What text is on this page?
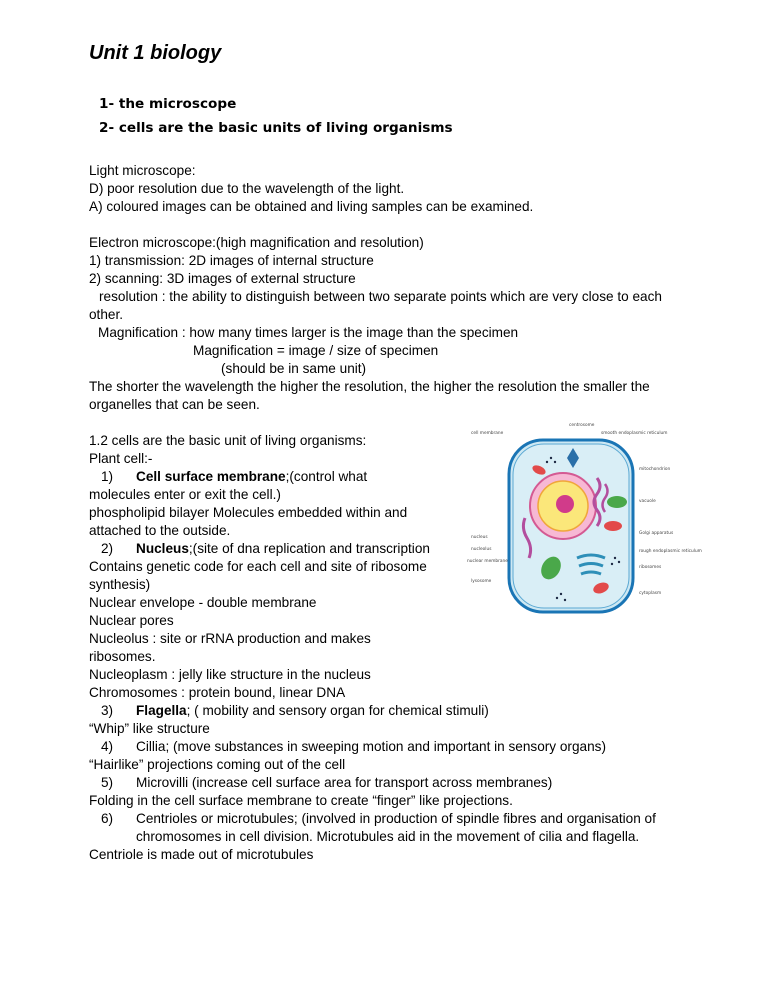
Unit 1 biology
1- the microscope
2- cells are the basic units of living organisms
Light microscope:
D) poor resolution due to the wavelength of the light.
A) coloured images can be obtained and living samples can be examined.
Electron microscope:(high magnification and resolution)
1) transmission: 2D images of internal structure
2) scanning: 3D images of external structure
resolution : the ability to distinguish between two separate points which are very close to each
other.
Magnification : how many times larger is the image than the specimen
Magnification = image / size of specimen
(should be in same unit)
The shorter the wavelength the higher the resolution, the higher the resolution the smaller the
organelles that can be seen.
1.2 cells are the basic unit of living organisms:
Plant cell:-
1) Cell surface membrane;(control what
molecules enter or exit the cell.)
phospholipid bilayer Molecules embedded within and
attached to the outside.
2) Nucleus;(site of dna replication and transcription
Contains genetic code for each cell and site of ribosome
synthesis)
Nuclear envelope - double membrane
Nuclear pores
Nucleolus : site or rRNA production and makes
ribosomes.
Nucleoplasm : jelly like structure in the nucleus
Chromosomes : protein bound, linear DNA
3) Flagella; ( mobility and sensory organ for chemical stimuli)
“Whip” like structure
4) Cillia; (move substances in sweeping motion and important in sensory organs)
“Hairlike” projections coming out of the cell
5) Microvilli (increase cell surface area for transport across membranes)
Folding in the cell surface membrane to create “finger” like projections.
6) Centrioles or microtubules; (involved in production of spindle fibres and organisation of
chromosomes in cell division. Microtubules aid in the movement of cilia and flagella.
Centriole is made out of microtubules
centrosome
cell membrane	smooth endoplasmic reticulum
mitochondrion
vacuole
Golgi apparatus
nucleus
nucleolus
nuclear membrane
rough endoplasmic reticulum
ribosomes
lysosome
cytoplasm
